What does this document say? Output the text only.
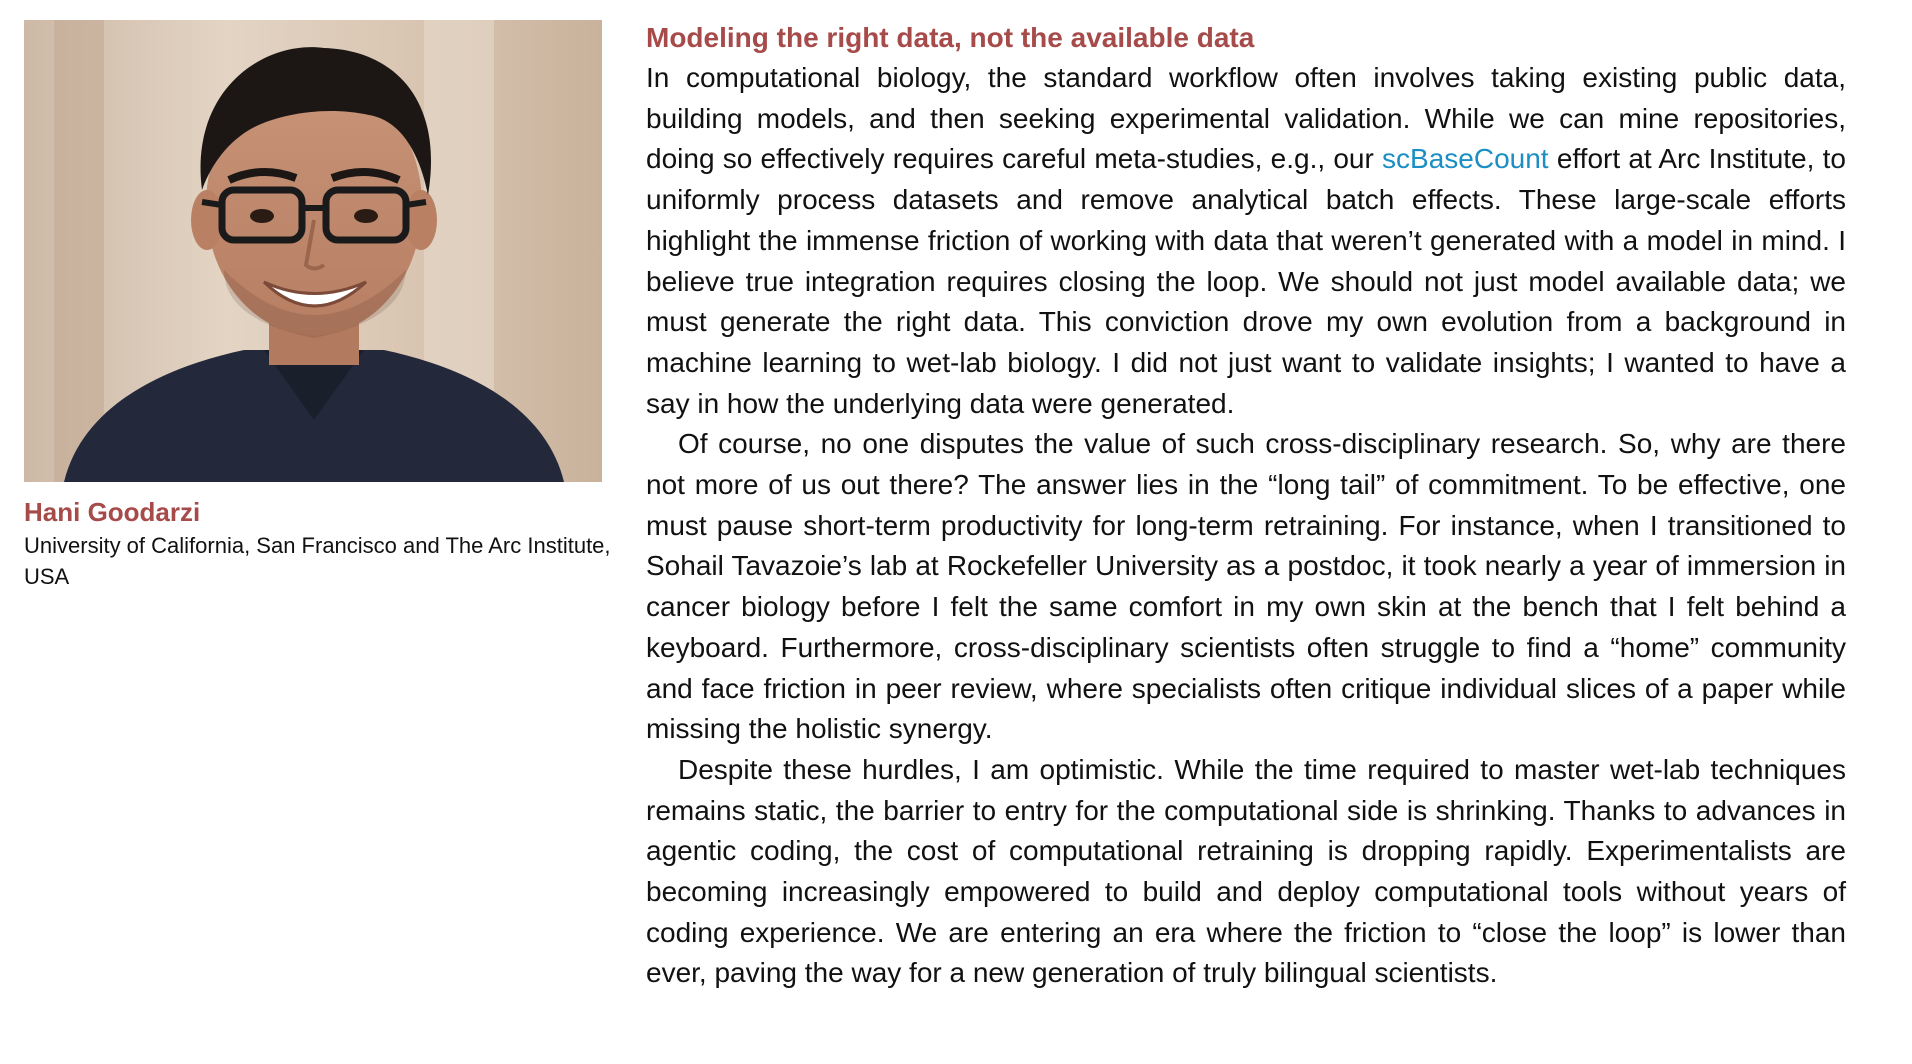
Hani Goodarzi
University of California, San Francisco and The Arc Institute, USA
Modeling the right data, not the available data

In computational biology, the standard workflow often involves taking existing public data, building models, and then seeking experimental validation. While we can mine repositories, doing so effectively requires careful meta-studies, e.g., our scBaseCount effort at Arc Institute, to uniformly process datasets and remove analytical batch effects. These large-scale efforts highlight the immense friction of working with data that weren’t generated with a model in mind. I believe true integration requires closing the loop. We should not just model available data; we must generate the right data. This conviction drove my own evolution from a background in machine learning to wet-lab biology. I did not just want to validate insights; I wanted to have a say in how the underlying data were generated.

Of course, no one disputes the value of such cross-disciplinary research. So, why are there not more of us out there? The answer lies in the “long tail” of commitment. To be effective, one must pause short-term productivity for long-term retraining. For instance, when I transitioned to Sohail Tavazoie’s lab at Rockefeller University as a postdoc, it took nearly a year of immersion in cancer biology before I felt the same comfort in my own skin at the bench that I felt behind a keyboard. Furthermore, cross-disciplinary scientists often struggle to find a “home” community and face friction in peer review, where specialists often critique individual slices of a paper while missing the holistic synergy.

Despite these hurdles, I am optimistic. While the time required to master wet-lab techniques remains static, the barrier to entry for the computational side is shrinking. Thanks to advances in agentic coding, the cost of computational retraining is dropping rapidly. Experimentalists are becoming increasingly empowered to build and deploy computational tools without years of coding experience. We are entering an era where the friction to “close the loop” is lower than ever, paving the way for a new generation of truly bilingual scientists.
